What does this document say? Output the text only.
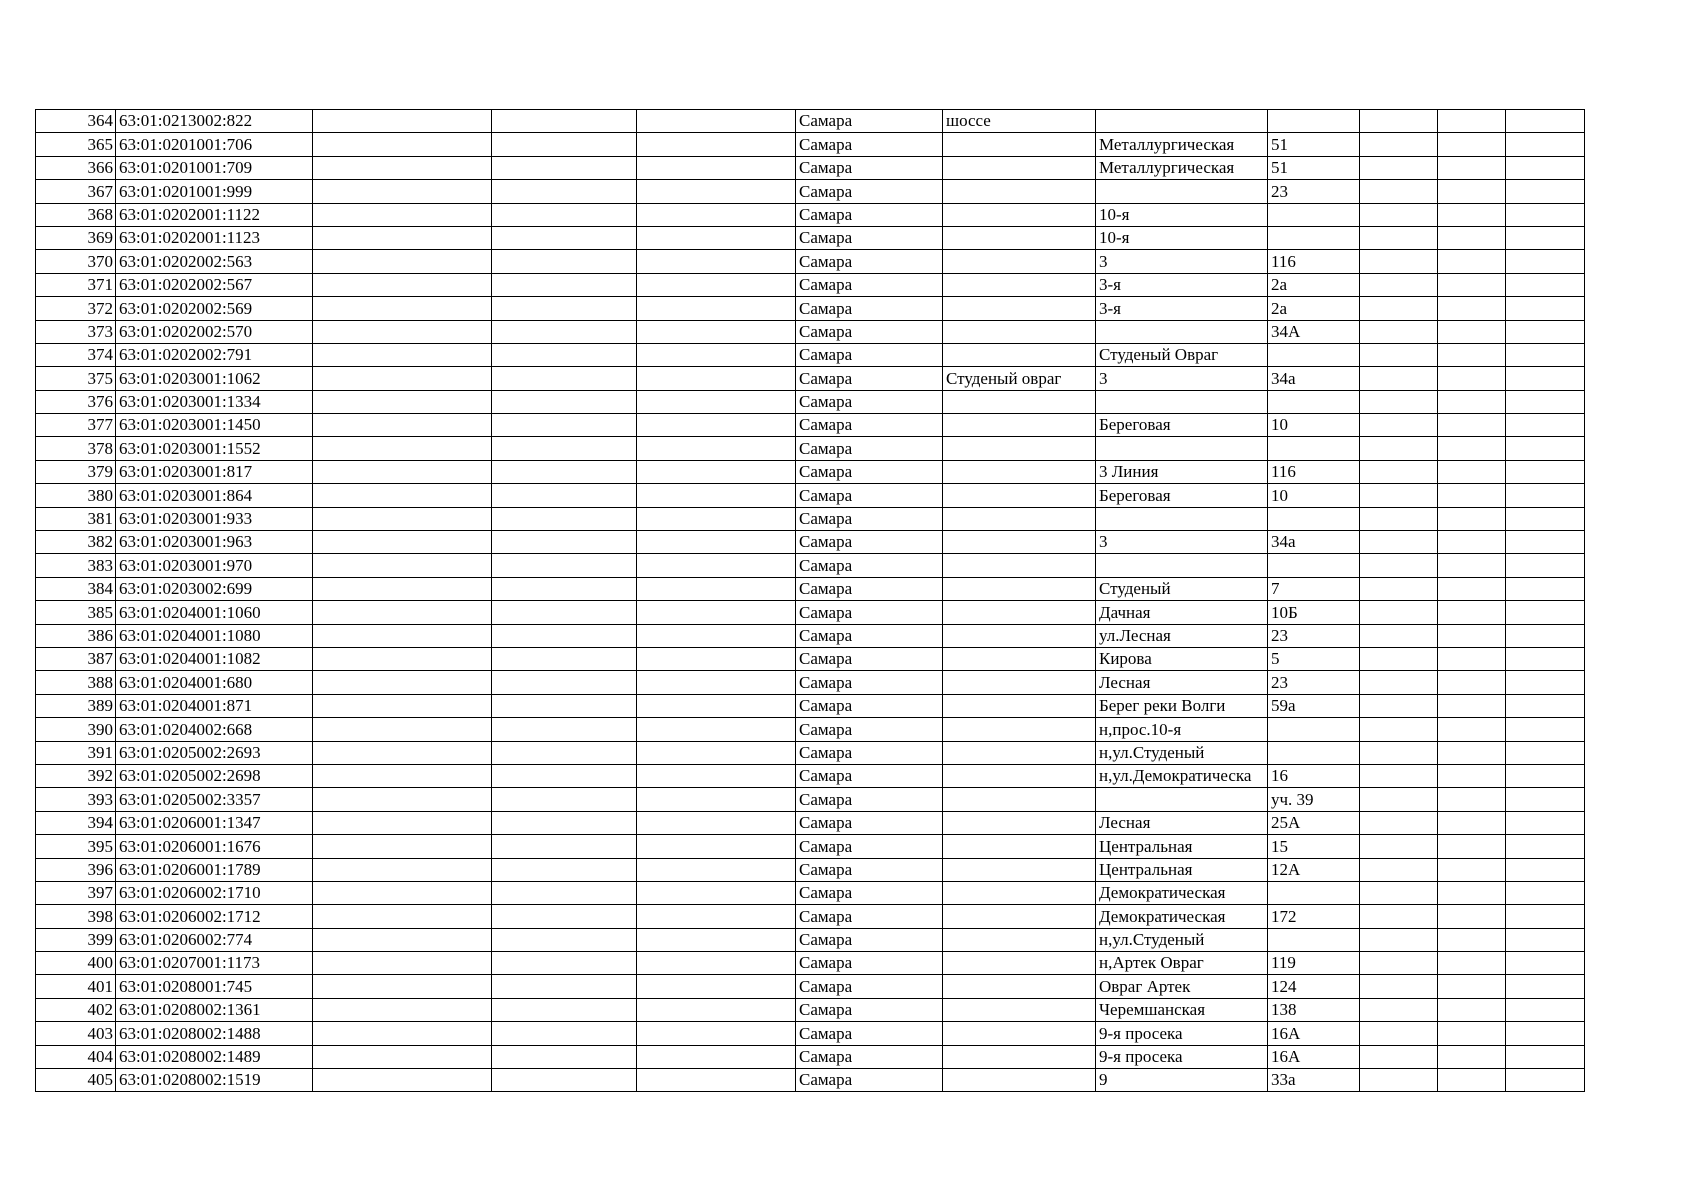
364	63:01:0213002:822				Самара	шоссе					
365	63:01:0201001:706				Самара		Металлургическая	51			
366	63:01:0201001:709				Самара		Металлургическая	51			
367	63:01:0201001:999				Самара			23			
368	63:01:0202001:1122				Самара		10-я				
369	63:01:0202001:1123				Самара		10-я				
370	63:01:0202002:563				Самара		3	116			
371	63:01:0202002:567				Самара		3-я	2а			
372	63:01:0202002:569				Самара		3-я	2а			
373	63:01:0202002:570				Самара			34А			
374	63:01:0202002:791				Самара		Студеный Овраг				
375	63:01:0203001:1062				Самара	Студеный овраг	3	34а			
376	63:01:0203001:1334				Самара						
377	63:01:0203001:1450				Самара		Береговая	10			
378	63:01:0203001:1552				Самара						
379	63:01:0203001:817				Самара		3 Линия	116			
380	63:01:0203001:864				Самара		Береговая	10			
381	63:01:0203001:933				Самара						
382	63:01:0203001:963				Самара		3	34а			
383	63:01:0203001:970				Самара						
384	63:01:0203002:699				Самара		Студеный	7			
385	63:01:0204001:1060				Самара		Дачная	10Б			
386	63:01:0204001:1080				Самара		ул.Лесная	23			
387	63:01:0204001:1082				Самара		Кирова	5			
388	63:01:0204001:680				Самара		Лесная	23			
389	63:01:0204001:871				Самара		Берег реки Волги	59а			
390	63:01:0204002:668				Самара		н,прос.10-я				
391	63:01:0205002:2693				Самара		н,ул.Студеный				
392	63:01:0205002:2698				Самара		н,ул.Демократическа	16			
393	63:01:0205002:3357				Самара			уч. 39			
394	63:01:0206001:1347				Самара		Лесная	25А			
395	63:01:0206001:1676				Самара		Центральная	15			
396	63:01:0206001:1789				Самара		Центральная	12А			
397	63:01:0206002:1710				Самара		Демократическая				
398	63:01:0206002:1712				Самара		Демократическая	172			
399	63:01:0206002:774				Самара		н,ул.Студеный				
400	63:01:0207001:1173				Самара		н,Артек Овраг	119			
401	63:01:0208001:745				Самара		Овраг Артек	124			
402	63:01:0208002:1361				Самара		Черемшанская	138			
403	63:01:0208002:1488				Самара		9-я просека	16А			
404	63:01:0208002:1489				Самара		9-я просека	16А			
405	63:01:0208002:1519				Самара		9	33а			
